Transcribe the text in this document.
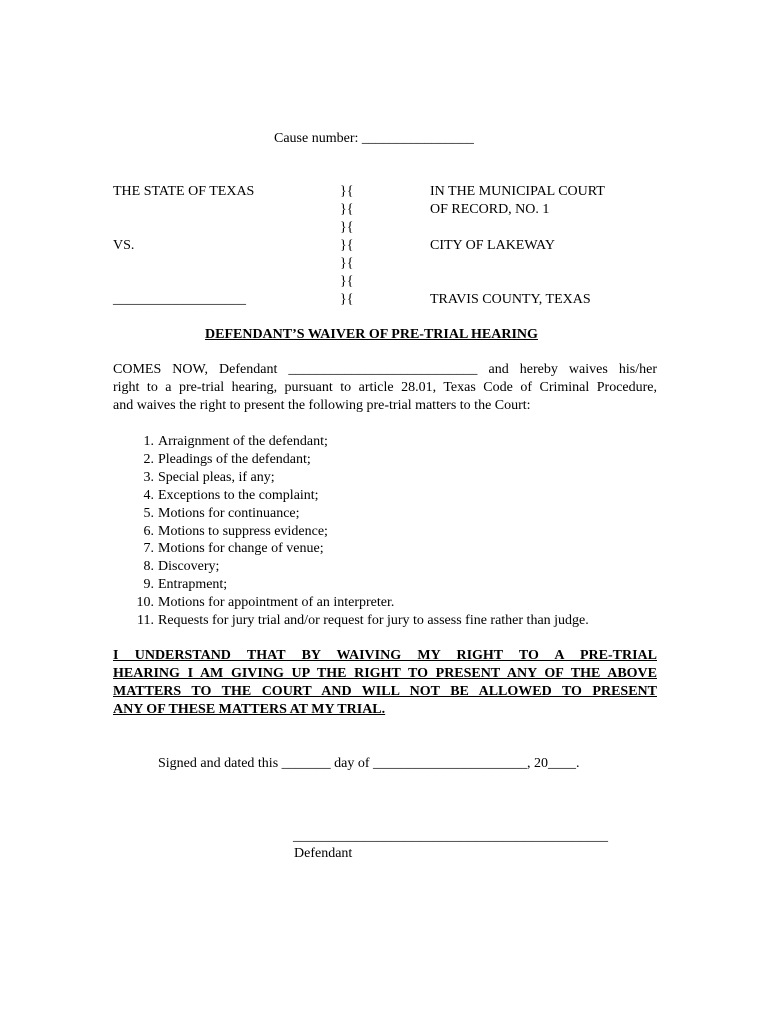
Cause number: ________________
THE STATE OF TEXAS
VS.
___________________
}{
}{
}{
}{
}{
}{
}{
IN THE MUNICIPAL COURT
OF RECORD, NO. 1
CITY OF LAKEWAY
TRAVIS COUNTY, TEXAS
DEFENDANT’S WAIVER OF PRE-TRIAL HEARING
COMES NOW, Defendant ___________________________ and hereby waives his/her
right to a pre-trial hearing, pursuant to article 28.01, Texas Code of Criminal Procedure,
and waives the right to present the following pre-trial matters to the Court:
1. Arraignment of the defendant;
2. Pleadings of the defendant;
3. Special pleas, if any;
4. Exceptions to the complaint;
5. Motions for continuance;
6. Motions to suppress evidence;
7. Motions for change of venue;
8. Discovery;
9. Entrapment;
10. Motions for appointment of an interpreter.
11. Requests for jury trial and/or request for jury to assess fine rather than judge.
I UNDERSTAND THAT BY WAIVING MY RIGHT TO A PRE-TRIAL
HEARING I AM GIVING UP THE RIGHT TO PRESENT ANY OF THE ABOVE
MATTERS TO THE COURT AND WILL NOT BE ALLOWED TO PRESENT
ANY OF THESE MATTERS AT MY TRIAL.
Signed and dated this _______ day of ______________________, 20____.
_____________________________________________
Defendant
